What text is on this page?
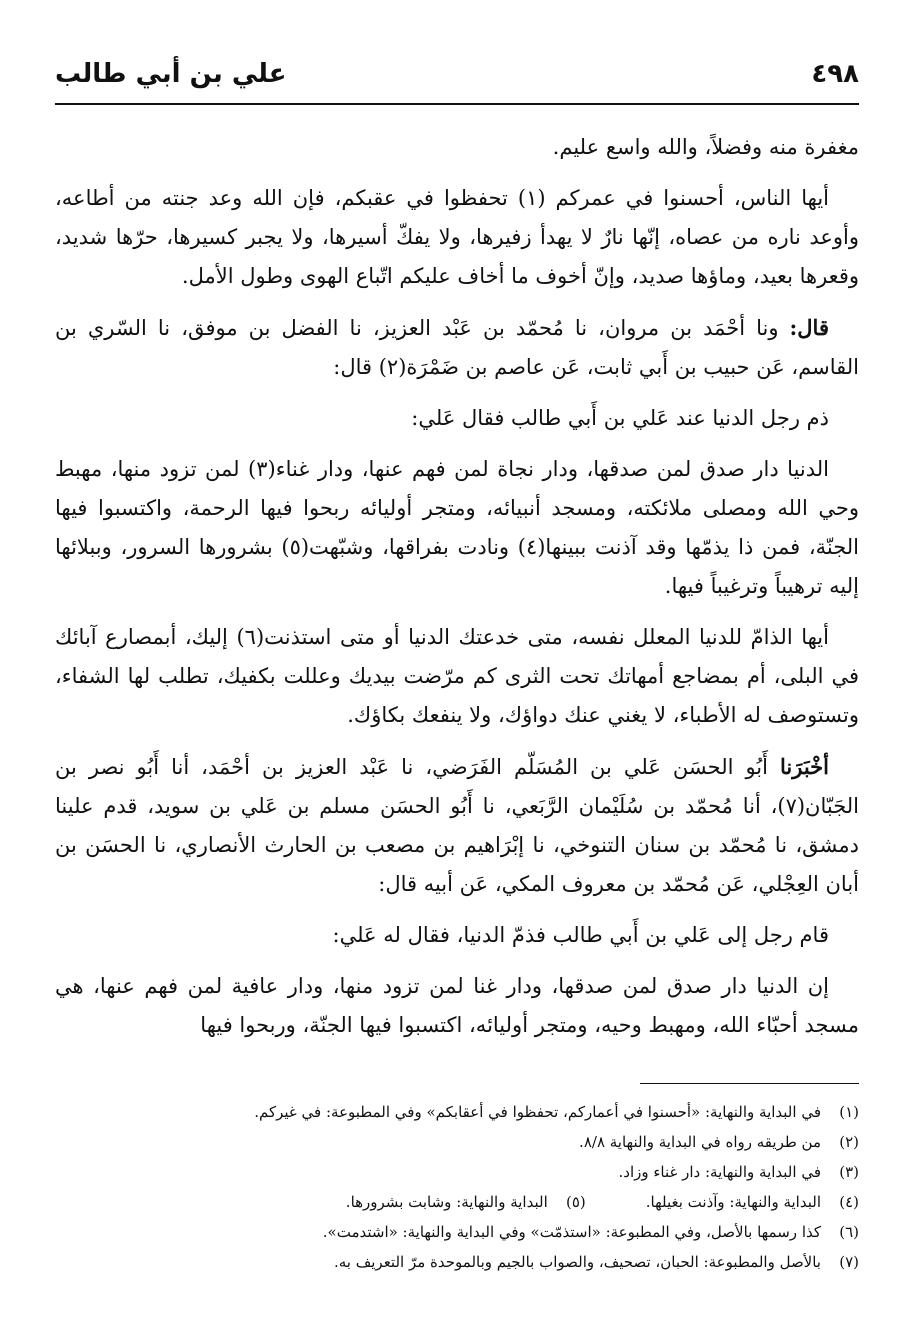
٤٩٨
علي بن أبي طالب

مغفرة منه وفضلاً، والله واسع عليم.

أيها الناس، أحسنوا في عمركم (١) تحفظوا في عقبكم، فإن الله وعد جنته من أطاعه، وأوعد ناره من عصاه، إنّها نارٌ لا يهدأ زفيرها، ولا يفكّ أسيرها، ولا يجبر كسيرها، حرّها شديد، وقعرها بعيد، وماؤها صديد، وإنّ أخوف ما أخاف عليكم اتّباع الهوى وطول الأمل.

قال: ونا أحْمَد بن مروان، نا مُحمّد بن عَبْد العزيز، نا الفضل بن موفق، نا السّري بن القاسم، عَن حبيب بن أَبي ثابت، عَن عاصم بن ضَمْرَة(٢) قال:

ذم رجل الدنيا عند عَلي بن أَبي طالب فقال عَلي:

الدنيا دار صدق لمن صدقها، ودار نجاة لمن فهم عنها، ودار غناء(٣) لمن تزود منها، مهبط وحي الله ومصلى ملائكته، ومسجد أنبيائه، ومتجر أوليائه ربحوا فيها الرحمة، واكتسبوا فيها الجنّة، فمن ذا يذمّها وقد آذنت ببينها(٤) ونادت بفراقها، وشبّهت(٥) بشرورها السرور، وببلائها إليه ترهيباً وترغيباً فيها.

أيها الذامّ للدنيا المعلل نفسه، متى خدعتك الدنيا أو متى استذنت(٦) إليك، أبمصارع آبائك في البلى، أم بمضاجع أمهاتك تحت الثرى كم مرّضت بيديك وعللت بكفيك، تطلب لها الشفاء، وتستوصف له الأطباء، لا يغني عنك دواؤك، ولا ينفعك بكاؤك.

أخْبَرَنا أَبُو الحسَن عَلي بن المُسَلّم الفَرَضي، نا عَبْد العزيز بن أحْمَد، أنا أَبُو نصر بن الجَبّان(٧)، أنا مُحمّد بن سُلَيْمان الرَّبَعي، نا أَبُو الحسَن مسلم بن عَلي بن سويد، قدم علينا دمشق، نا مُحمّد بن سنان التنوخي، نا إبْرَاهيم بن مصعب بن الحارث الأنصاري، نا الحسَن بن أبان العِجْلي، عَن مُحمّد بن معروف المكي، عَن أبيه قال:

قام رجل إلى عَلي بن أَبي طالب فذمّ الدنيا، فقال له عَلي:

إن الدنيا دار صدق لمن صدقها، ودار غنا لمن تزود منها، ودار عافية لمن فهم عنها، هي مسجد أحبّاء الله، ومهبط وحيه، ومتجر أوليائه، اكتسبوا فيها الجنّة، وربحوا فيها

(١)في البداية والنهاية: «أحسنوا في أعماركم، تحفظوا في أعقابكم» وفي المطبوعة: في غيركم.
(٢)من طريقه رواه في البداية والنهاية ٨/٨.
(٣)في البداية والنهاية: دار غناء وزاد.
(٤)البداية والنهاية: وآذنت بغيلها.(٥)البداية والنهاية: وشابت بشرورها.
(٦)كذا رسمها بالأصل، وفي المطبوعة: «استذمّت» وفي البداية والنهاية: «اشتدمت».
(٧)بالأصل والمطبوعة: الحبان، تصحيف، والصواب بالجيم وبالموحدة مرّ التعريف به.
